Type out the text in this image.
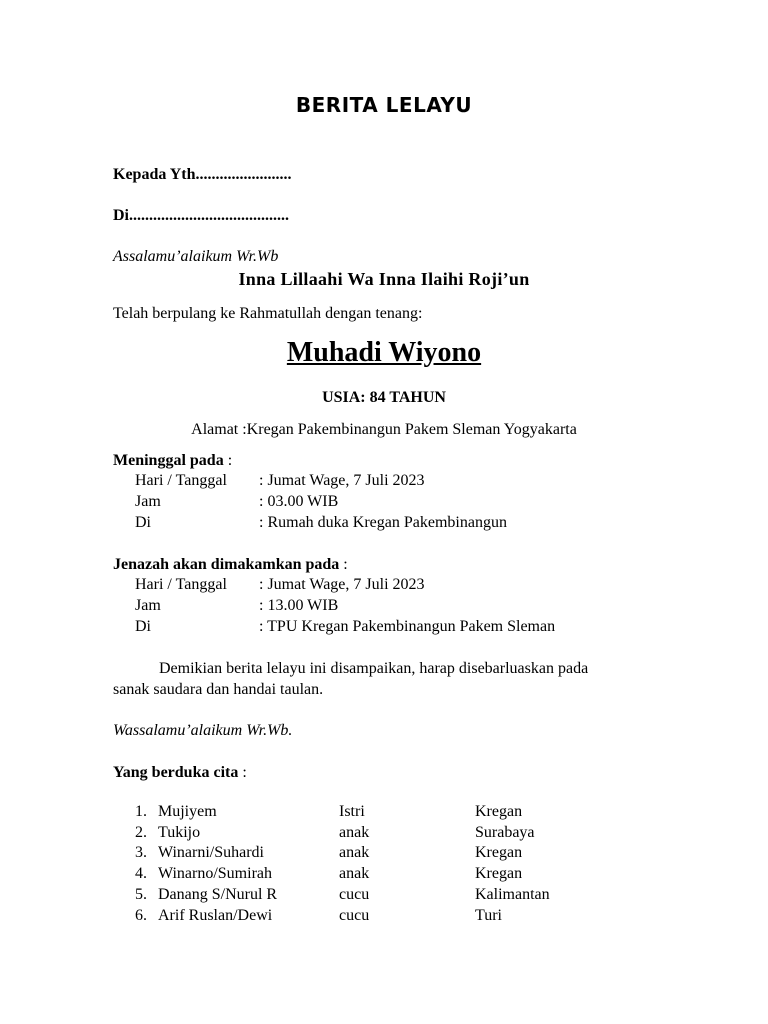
BERITA LELAYU
Kepada Yth........................
Di........................................
Assalamu’alaikum Wr.Wb
Inna Lillaahi Wa Inna Ilaihi Roji’un
Telah berpulang ke Rahmatullah dengan tenang:
Muhadi Wiyono
USIA: 84 TAHUN
Alamat :Kregan Pakembinangun Pakem Sleman Yogyakarta
Meninggal pada :
Hari / Tanggal : Jumat Wage, 7 Juli 2023
Jam	: 03.00 WIB
Di	: Rumah duka Kregan Pakembinangun
Jenazah akan dimakamkan pada :
Hari / Tanggal : Jumat Wage, 7 Juli 2023
Jam	: 13.00 WIB
Di	: TPU Kregan Pakembinangun Pakem Sleman
Demikian berita lelayu ini disampaikan, harap disebarluaskan pada
sanak saudara dan handai taulan.
Wassalamu’alaikum Wr.Wb.
Yang berduka cita :
1. Mujiyem	Istri	Kregan
2. Tukijo	anak	Surabaya
3. Winarni/Suhardi	anak	Kregan
4. Winarno/Sumirah	anak	Kregan
5. Danang S/Nurul R	cucu	Kalimantan
6. Arif Ruslan/Dewi	cucu	Turi
